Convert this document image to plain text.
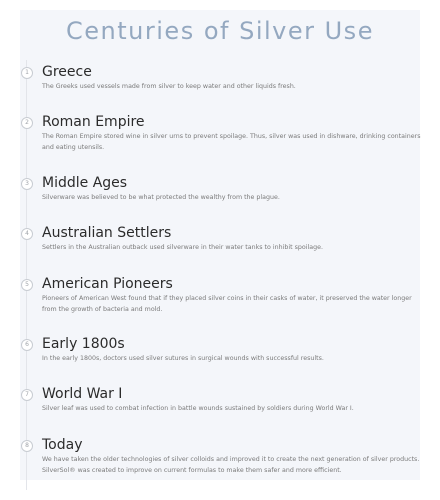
Centuries of Silver Use
1 Greece

The Greeks used vessels made from silver to keep water and other liquids fresh.

2 Roman Empire

The Roman Empire stored wine in silver urns to prevent spoilage. Thus, silver was used in dishware, drinking containers and eating utensils.

3 Middle Ages

Silverware was believed to be what protected the wealthy from the plague.

4 Australian Settlers

Settlers in the Australian outback used silverware in their water tanks to inhibit spoilage.

5 American Pioneers

Pioneers of American West found that if they placed silver coins in their casks of water, it preserved the water longer from the growth of bacteria and mold.

6 Early 1800s

In the early 1800s, doctors used silver sutures in surgical wounds with successful results.

7 World War I

Silver leaf was used to combat infection in battle wounds sustained by soldiers during World War I.

8 Today

We have taken the older technologies of silver colloids and improved it to create the next generation of silver products. SilverSol® was created to improve on current formulas to make them safer and more efficient.
